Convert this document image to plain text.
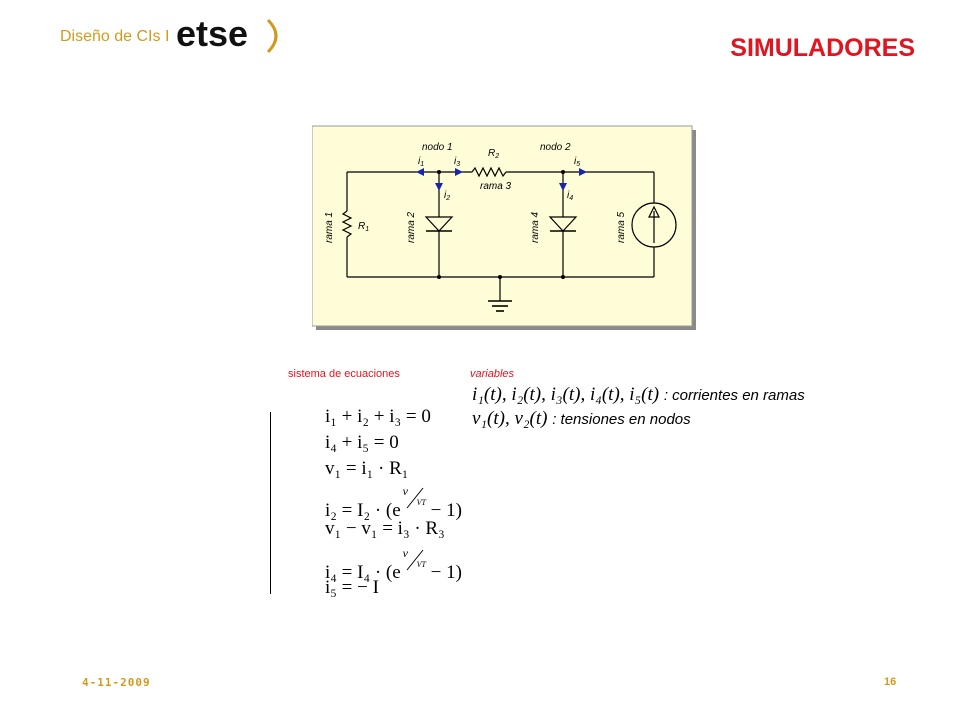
Diseño de CIs I etse	SIMULADORES
nodo 1	nodo 2
rama 3
rama 1	rama 2	rama 4	rama 5
$i_1$	$i_3$
$i_2$	$i_4$
$i_5$
$R_2$
$R_1$
sistema de ecuaciones	variables
i₁(t), i₂(t), i₃(t), i₄(t), i₅(t) : corrientes en ramas
v₁(t), v₂(t) : tensiones en nodos
i₁ + i₂ + i₃ = 0
i₄ + i₅ = 0
v₁ = i₁ · R₁
i₂ = I₂ · (e
v
VT − 1)
v₁ − v₁ = i₃ · R₃
i₄ = I₄ · (e
v
VT − 1)
i₅ = − I
4-11-2009	16
